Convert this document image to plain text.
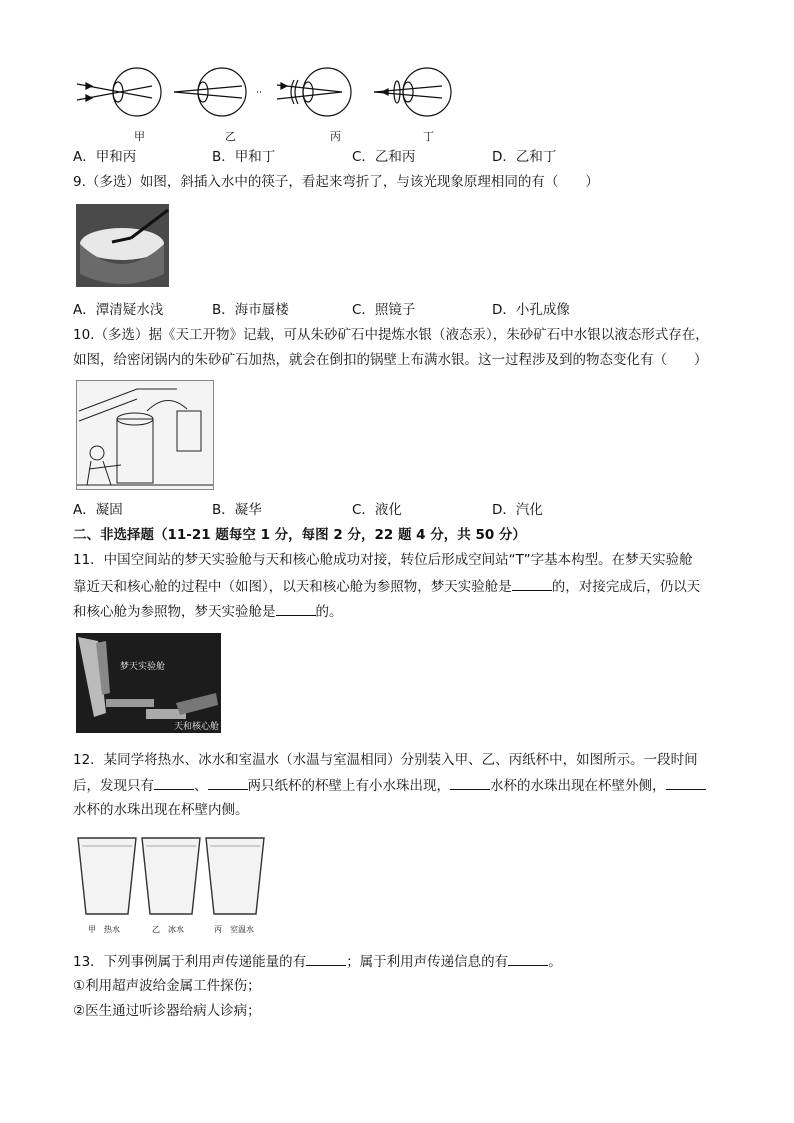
甲	乙	丙	丁
A．甲和丙	B．甲和丁	C．乙和丙	D．乙和丁
9.（多选）如图，斜插入水中的筷子，看起来弯折了，与该光现象原理相同的有（　　）
A．潭清疑水浅	B．海市蜃楼	C．照镜子	D．小孔成像
10.（多选）据《天工开物》记载，可从朱砂矿石中提炼水银（液态汞），朱砂矿石中水银以液态形式存在，
如图，给密闭锅内的朱砂矿石加热，就会在倒扣的锅壁上布满水银。这一过程涉及到的物态变化有（　　）
A．凝固	B．凝华	C．液化	D．汽化
二、非选择题（11-21 题每空 1 分，每图 2 分，22 题 4 分，共 50 分）
11．中国空间站的梦天实验舱与天和核心舱成功对接，转位后形成空间站“T”字基本构型。在梦天实验舱
靠近天和核心舱的过程中（如图），以天和核心舱为参照物，梦天实验舱是	的，对接完成后，仍以天
和核心舱为参照物，梦天实验舱是	的。
梦天实验舱
天和核心舱
12．某同学将热水、冰水和室温水（水温与室温相同）分别装入甲、乙、丙纸杯中，如图所示。一段时间
后，发现只有	、	两只纸杯的杯壁上有小水珠出现，	水杯的水珠出现在杯壁外侧，
水杯的水珠出现在杯壁内侧。
甲　热水	乙　冰水	丙　室温水
13．下列事例属于利用声传递能量的有	；属于利用声传递信息的有	。
①利用超声波给金属工件探伤；
②医生通过听诊器给病人诊病；
